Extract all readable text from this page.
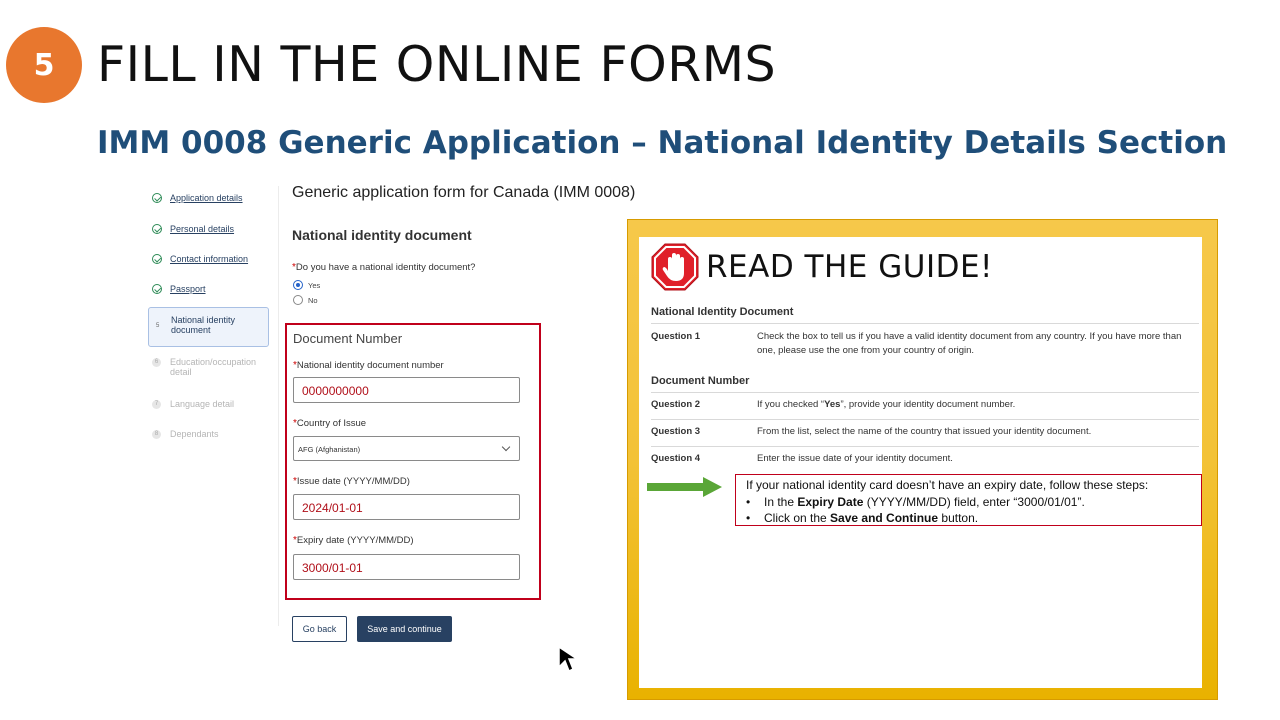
5 FILL IN THE ONLINE FORMS
IMM 0008 Generic Application – National Identity Details Section
Application details
Personal details
Contact information
Passport
5
National identity document
6	Education/occupation detail
7	Language detail
8	Dependants
Generic application form for Canada (IMM 0008)
National identity document
*Do you have a national identity document?
Yes
No
Document Number
*National identity document number
0000000000
*Country of Issue
AFG (Afghanistan)
*Issue date (YYYY/MM/DD)
2024/01-01
*Expiry date (YYYY/MM/DD)
3000/01-01
Go back	Save and continue
READ THE GUIDE!
National Identity Document
Question 1	Check the box to tell us if you have a valid identity document from any country. If you have more than one, please use the one from your country of origin.
Document Number
Question 2	If you checked “Yes”, provide your identity document number.
Question 3	From the list, select the name of the country that issued your identity document.
Question 4	Enter the issue date of your identity document.
If your national identity card doesn’t have an expiry date, follow these steps:
• In the Expiry Date (YYYY/MM/DD) field, enter “3000/01/01”.
• Click on the Save and Continue button.
